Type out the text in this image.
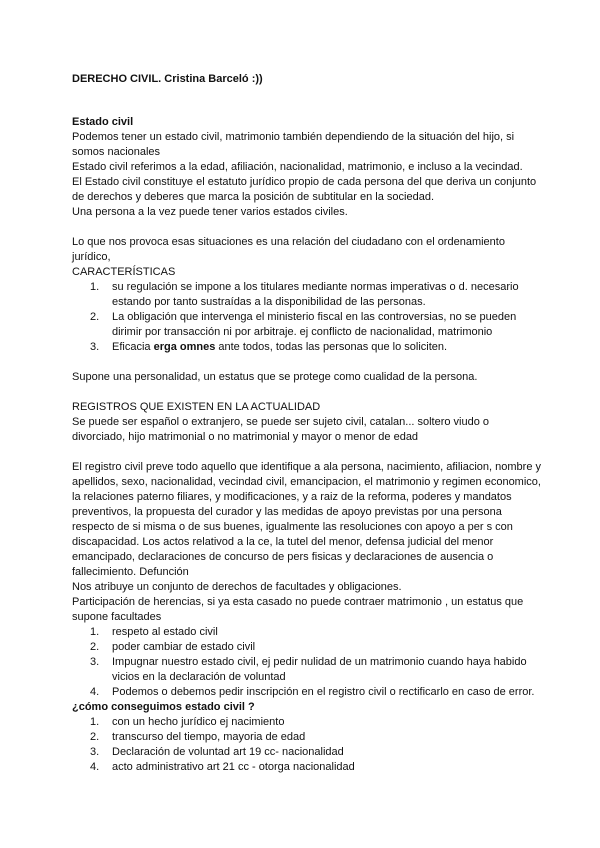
DERECHO CIVIL. Cristina Barceló :))

Estado civil

Podemos tener un estado civil, matrimonio también dependiendo de la situación del hijo, si somos nacionales

Estado civil referimos a la edad, afiliación, nacionalidad, matrimonio, e incluso a la vecindad.

El Estado civil constituye el estatuto jurídico propio de cada persona del que deriva un conjunto de derechos y deberes que marca la posición de subtitular en la sociedad.

Una persona a la vez puede tener varios estados civiles.

Lo que nos provoca esas situaciones es una relación del ciudadano con el ordenamiento jurídico,

CARACTERÍSTICAS

1. su regulación se impone a los titulares mediante normas imperativas o d. necesario estando por tanto sustraídas a la disponibilidad de las personas.
2. La obligación que intervenga el ministerio fiscal en las controversias, no se pueden dirimir por transacción ni por arbitraje. ej conflicto de nacionalidad, matrimonio
3. Eficacia erga omnes ante todos, todas las personas que lo soliciten.

Supone una personalidad, un estatus que se protege como cualidad de la persona.

REGISTROS QUE EXISTEN EN LA ACTUALIDAD

Se puede ser español o extranjero, se puede ser sujeto civil, catalan... soltero viudo o divorciado, hijo matrimonial o no matrimonial y mayor o menor de edad

El registro civil preve todo aquello que identifique a ala persona, nacimiento, afiliacion, nombre y apellidos, sexo, nacionalidad, vecindad civil, emancipacion, el matrimonio y regimen economico, la relaciones paterno filiares, y modificaciones, y a raiz de la reforma, poderes y mandatos preventivos, la propuesta del curador y las medidas de apoyo previstas por una persona respecto de si misma o de sus buenes, igualmente las resoluciones con apoyo a per s con discapacidad. Los actos relativod a la ce, la tutel del menor, defensa judicial del menor emancipado, declaraciones de concurso de pers fisicas y declaraciones de ausencia o fallecimiento. Defunción

Nos atribuye un conjunto de derechos de facultades y obligaciones.

Participación de herencias, si ya esta casado no puede contraer matrimonio , un estatus que supone facultades

1. respeto al estado civil
2. poder cambiar de estado civil
3. Impugnar nuestro estado civil, ej pedir nulidad de un matrimonio cuando haya habido vicios en la declaración de voluntad
4. Podemos o debemos pedir inscripción en el registro civil o rectificarlo en caso de error.

¿cómo conseguimos estado civil ?

1. con un hecho jurídico ej nacimiento
2. transcurso del tiempo, mayoria de edad
3. Declaración de voluntad art 19 cc- nacionalidad
4. acto administrativo art 21 cc - otorga nacionalidad
